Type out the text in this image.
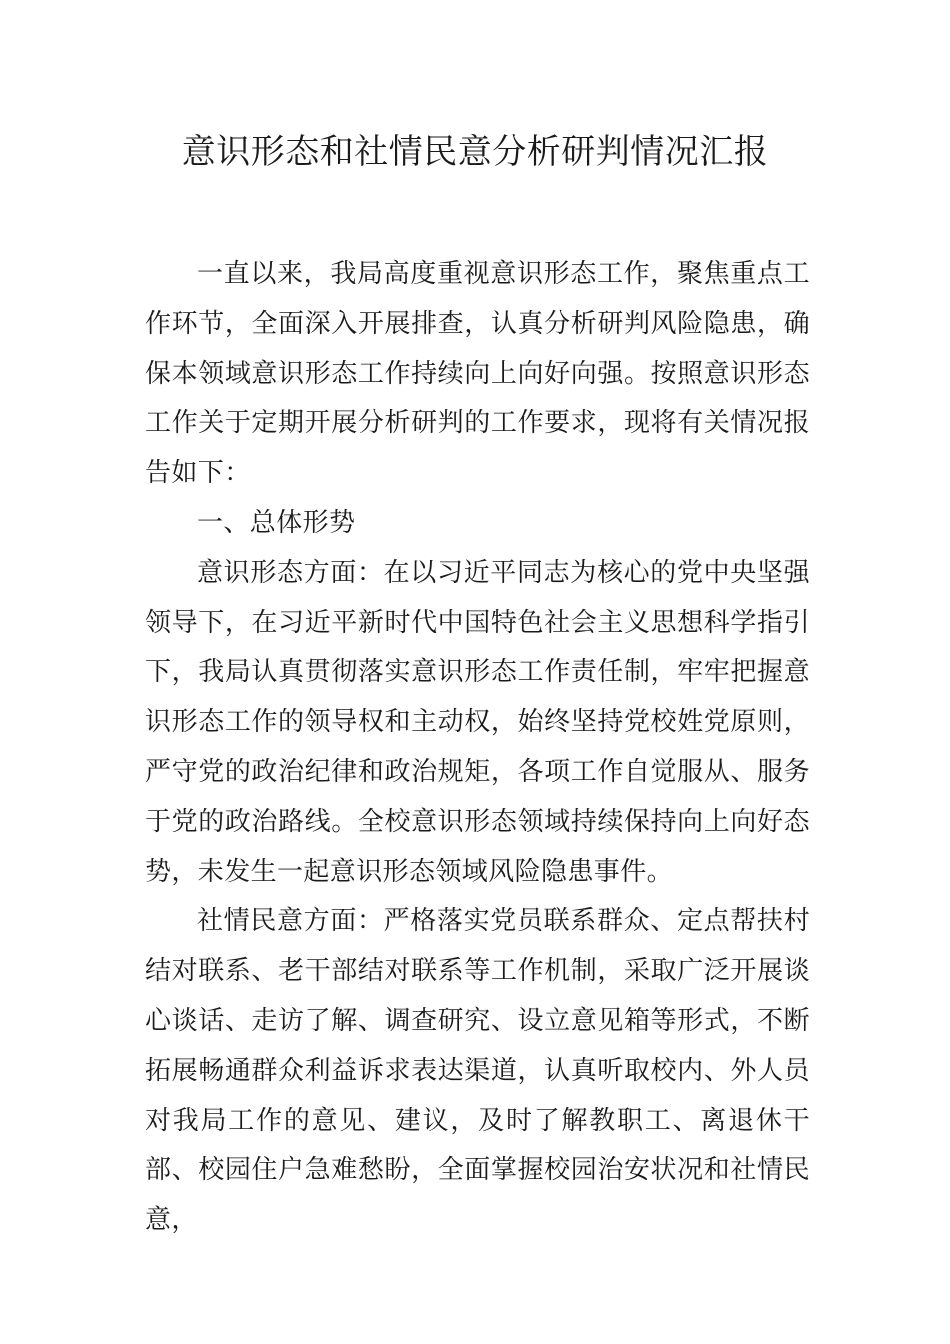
意识形态和社情民意分析研判情况汇报

一直以来，我局高度重视意识形态工作，聚焦重点工作环节，全面深入开展排查，认真分析研判风险隐患，确保本领域意识形态工作持续向上向好向强。按照意识形态工作关于定期开展分析研判的工作要求，现将有关情况报告如下：

一、总体形势

意识形态方面：在以习近平同志为核心的党中央坚强领导下，在习近平新时代中国特色社会主义思想科学指引下，我局认真贯彻落实意识形态工作责任制，牢牢把握意识形态工作的领导权和主动权，始终坚持党校姓党原则，严守党的政治纪律和政治规矩，各项工作自觉服从、服务于党的政治路线。全校意识形态领域持续保持向上向好态势，未发生一起意识形态领域风险隐患事件。

社情民意方面：严格落实党员联系群众、定点帮扶村结对联系、老干部结对联系等工作机制，采取广泛开展谈心谈话、走访了解、调查研究、设立意见箱等形式，不断拓展畅通群众利益诉求表达渠道，认真听取校内、外人员对我局工作的意见、建议，及时了解教职工、离退休干部、校园住户急难愁盼，全面掌握校园治安状况和社情民意，
